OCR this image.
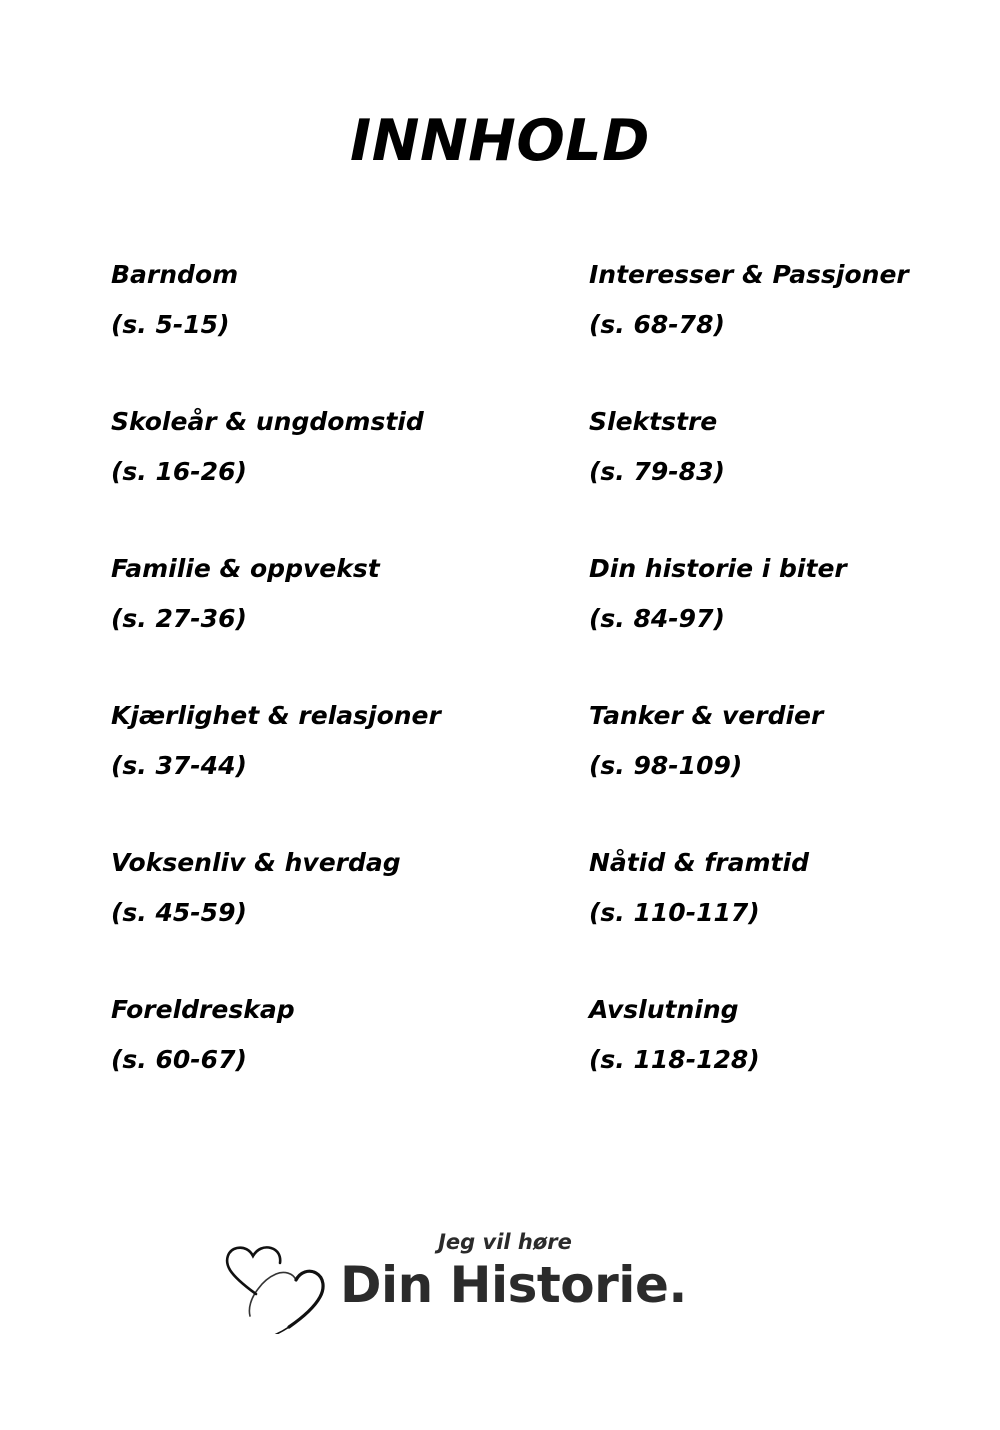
INNHOLD
Barndom
(s. 5-15)
Skoleår & ungdomstid
(s. 16-26)
Familie & oppvekst
(s. 27-36)
Kjærlighet & relasjoner
(s. 37-44)
Voksenliv & hverdag
(s. 45-59)
Foreldreskap
(s. 60-67)
Interesser & Passjoner
(s. 68-78)
Slektstre
(s. 79-83)
Din historie i biter
(s. 84-97)
Tanker & verdier
(s. 98-109)
Nåtid & framtid
(s. 110-117)
Avslutning
(s. 118-128)
Jeg vil høre
Din Historie.
